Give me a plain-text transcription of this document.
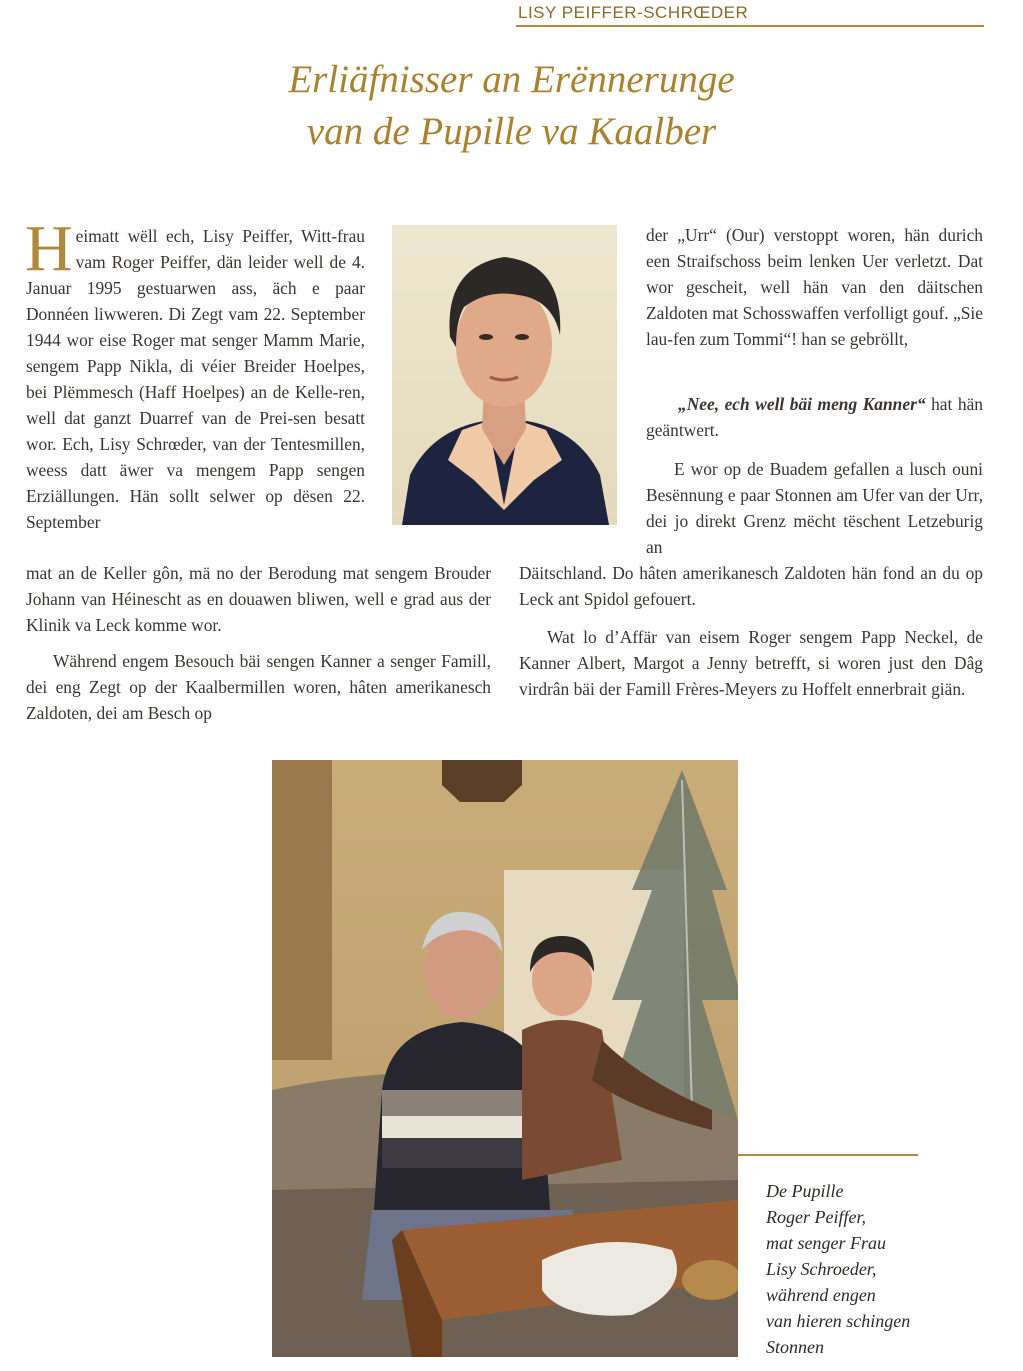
LISY PEIFFER-SCHRŒDER
Erliäfnisser an Erënnerunge
van de Pupille va Kaalber

Heimatt wëll ech, Lisy Peiffer, Witt-frau vam Roger Peiffer, dän leider well de 4. Januar 1995 gestuarwen ass, äch e paar Donnéen liwweren. Di Zegt vam 22. September 1944 wor eise Roger mat senger Mamm Marie, sengem Papp Nikla, di véier Breider Hoelpes, bei Plëmmesch (Haff Hoelpes) an de Kelle-ren, well dat ganzt Duarref van de Prei-sen besatt wor. Ech, Lisy Schrœder, van der Tentesmillen, weess datt äwer va mengem Papp sengen Erziällungen. Hän sollt selwer op dësen 22. September

mat an de Keller gôn, mä no der Berodung mat sengem Brouder Johann van Héinescht as en douawen bliwen, well e grad aus der Klinik va Leck komme wor.

Während engem Besouch bäi sengen Kanner a senger Famill, dei eng Zegt op der Kaalbermillen woren, hâten amerikanesch Zaldoten, dei am Besch op

der „Urr“ (Our) verstoppt woren, hän durich een Straifschoss beim lenken Uer verletzt. Dat wor gescheit, well hän van den däitschen Zaldoten mat Schosswaffen verfolligt gouf. „Sie lau-fen zum Tommi“! han se gebröllt,

„Nee, ech well bäi meng Kanner“ hat hän geäntwert.

E wor op de Buadem gefallen a lusch ouni Besënnung e paar Stonnen am Ufer van der Urr, dei jo direkt Grenz mëcht tëschent Letzeburig an

Däitschland. Do hâten amerikanesch Zaldoten hän fond an du op Leck ant Spidol gefouert.

Wat lo d’Affär van eisem Roger sengem Papp Neckel, de Kanner Albert, Margot a Jenny betrefft, si woren just den Dâg virdrân bäi der Famill Frères-Meyers zu Hoffelt ennerbrait giän.

De Pupille
Roger Peiffer,
mat senger Frau
Lisy Schroeder,
während engen
van hieren schingen
Stonnen
